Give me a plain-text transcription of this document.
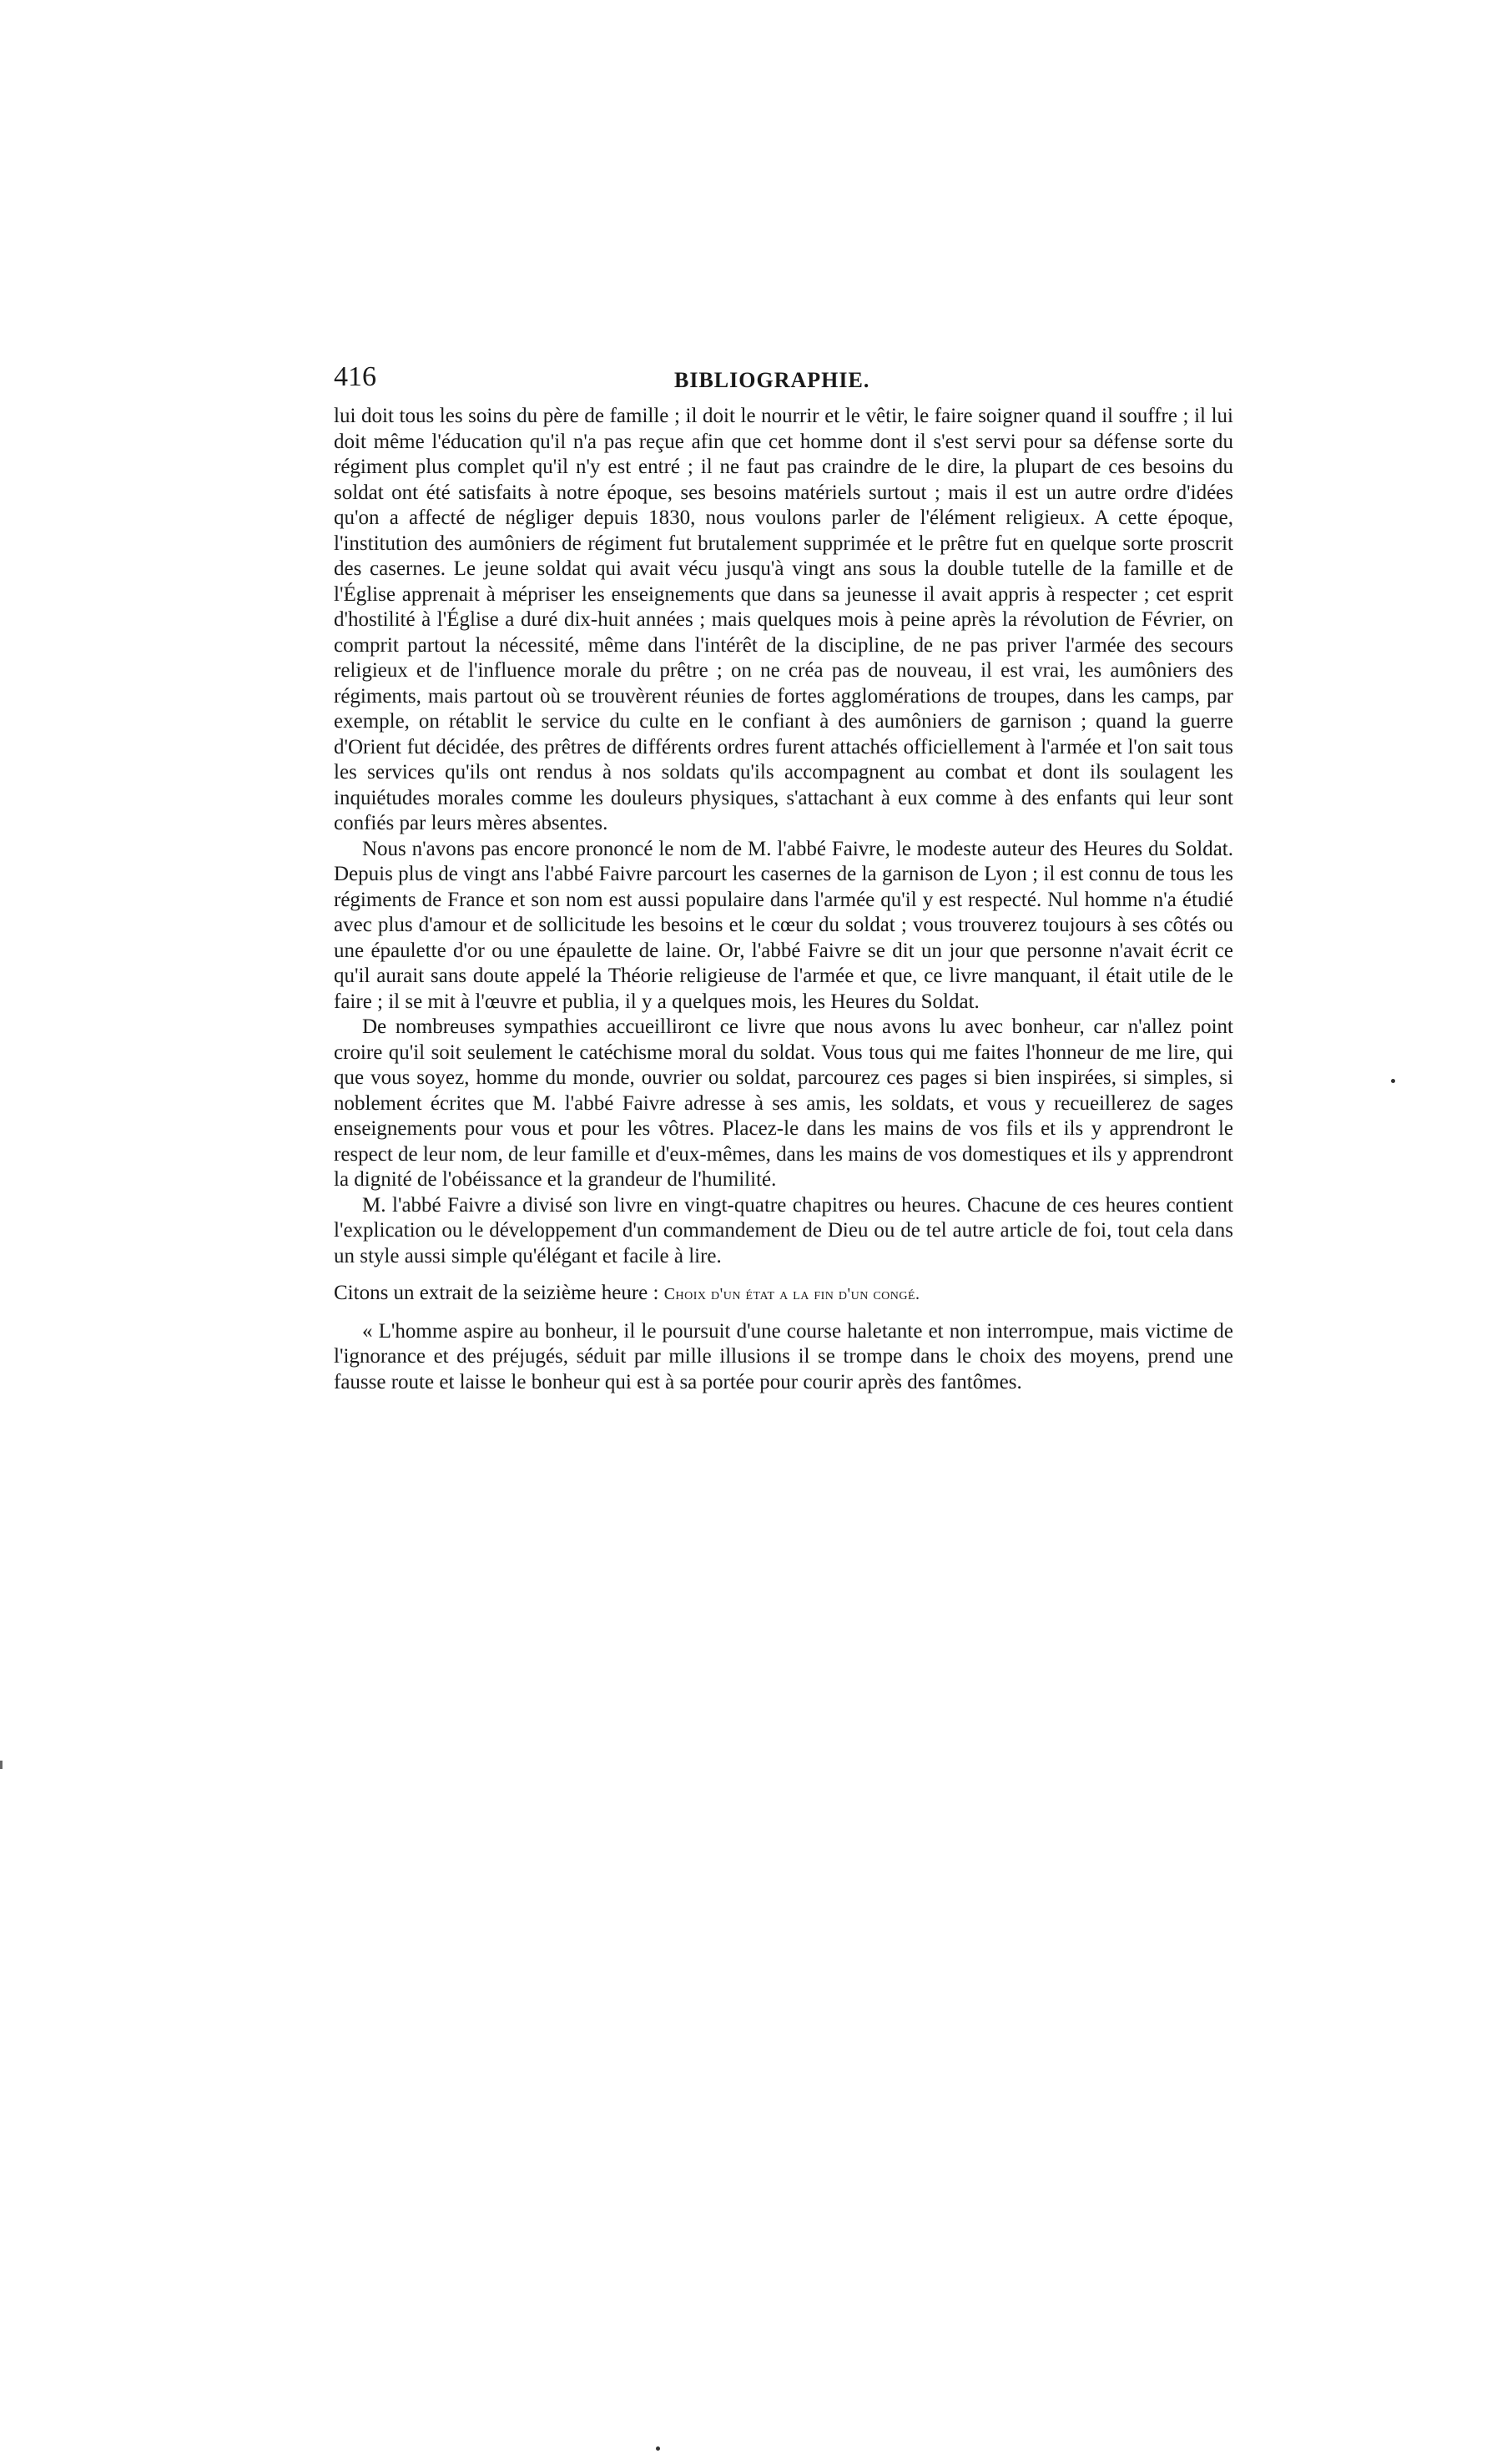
416	BIBLIOGRAPHIE.

lui doit tous les soins du père de famille ; il doit le nourrir et le vêtir, le faire soigner quand il souffre ; il lui doit même l'éducation qu'il n'a pas reçue afin que cet homme dont il s'est servi pour sa défense sorte du régiment plus complet qu'il n'y est entré ; il ne faut pas craindre de le dire, la plupart de ces besoins du soldat ont été satisfaits à notre époque, ses besoins matériels surtout ; mais il est un autre ordre d'idées qu'on a affecté de négliger depuis 1830, nous voulons parler de l'élément religieux. A cette époque, l'institution des aumôniers de régiment fut brutalement supprimée et le prêtre fut en quelque sorte proscrit des casernes. Le jeune soldat qui avait vécu jusqu'à vingt ans sous la double tutelle de la famille et de l'Église apprenait à mépriser les enseignements que dans sa jeunesse il avait appris à respecter ; cet esprit d'hostilité à l'Église a duré dix-huit années ; mais quelques mois à peine après la révolution de Février, on comprit partout la nécessité, même dans l'intérêt de la discipline, de ne pas priver l'armée des secours religieux et de l'influence morale du prêtre ; on ne créa pas de nouveau, il est vrai, les aumôniers des régiments, mais partout où se trouvèrent réunies de fortes agglomérations de troupes, dans les camps, par exemple, on rétablit le service du culte en le confiant à des aumôniers de garnison ; quand la guerre d'Orient fut décidée, des prêtres de différents ordres furent attachés officiellement à l'armée et l'on sait tous les services qu'ils ont rendus à nos soldats qu'ils accompagnent au combat et dont ils soulagent les inquiétudes morales comme les douleurs physiques, s'attachant à eux comme à des enfants qui leur sont confiés par leurs mères absentes.

Nous n'avons pas encore prononcé le nom de M. l'abbé Faivre, le modeste auteur des Heures du Soldat. Depuis plus de vingt ans l'abbé Faivre parcourt les casernes de la garnison de Lyon ; il est connu de tous les régiments de France et son nom est aussi populaire dans l'armée qu'il y est respecté. Nul homme n'a étudié avec plus d'amour et de sollicitude les besoins et le cœur du soldat ; vous trouverez toujours à ses côtés ou une épaulette d'or ou une épaulette de laine. Or, l'abbé Faivre se dit un jour que personne n'avait écrit ce qu'il aurait sans doute appelé la Théorie religieuse de l'armée et que, ce livre manquant, il était utile de le faire ; il se mit à l'œuvre et publia, il y a quelques mois, les Heures du Soldat.

De nombreuses sympathies accueilliront ce livre que nous avons lu avec bonheur, car n'allez point croire qu'il soit seulement le catéchisme moral du soldat. Vous tous qui me faites l'honneur de me lire, qui que vous soyez, homme du monde, ouvrier ou soldat, parcourez ces pages si bien inspirées, si simples, si noblement écrites que M. l'abbé Faivre adresse à ses amis, les soldats, et vous y recueillerez de sages enseignements pour vous et pour les vôtres. Placez-le dans les mains de vos fils et ils y apprendront le respect de leur nom, de leur famille et d'eux-mêmes, dans les mains de vos domestiques et ils y apprendront la dignité de l'obéissance et la grandeur de l'humilité.

M. l'abbé Faivre a divisé son livre en vingt-quatre chapitres ou heures. Chacune de ces heures contient l'explication ou le développement d'un commandement de Dieu ou de tel autre article de foi, tout cela dans un style aussi simple qu'élégant et facile à lire.

Citons un extrait de la seizième heure : Choix d'un état a la fin d'un congé.

« L'homme aspire au bonheur, il le poursuit d'une course haletante et non interrompue, mais victime de l'ignorance et des préjugés, séduit par mille illusions il se trompe dans le choix des moyens, prend une fausse route et laisse le bonheur qui est à sa portée pour courir après des fantômes.
